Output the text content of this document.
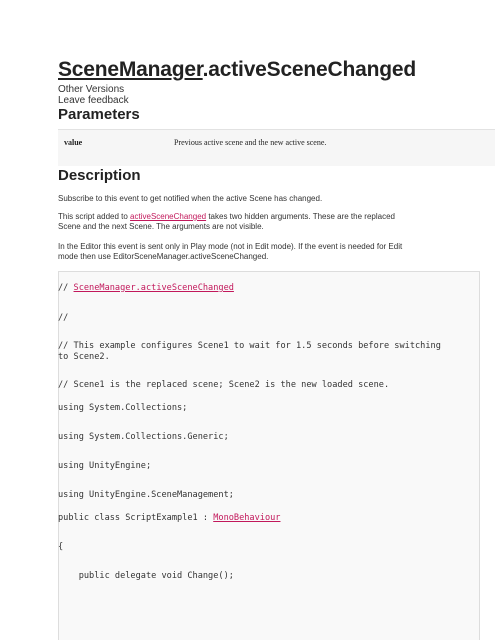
SceneManager.activeSceneChanged
Other Versions
Leave feedback
Parameters
value	Previous active scene and the new active scene.
Description

Subscribe to this event to get notified when the active Scene has changed.

This script added to activeSceneChanged takes two hidden arguments. These are the replaced
Scene and the next Scene. The arguments are not visible.

In the Editor this event is sent only in Play mode (not in Edit mode). If the event is needed for Edit
mode then use EditorSceneManager.activeSceneChanged.

// SceneManager.activeSceneChanged
//
// This example configures Scene1 to wait for 1.5 seconds before switching
to Scene2.
// Scene1 is the replaced scene; Scene2 is the new loaded scene.
using System.Collections;
using System.Collections.Generic;
using UnityEngine;
using UnityEngine.SceneManagement;
public class ScriptExample1 : MonoBehaviour
{
public delegate void Change();
